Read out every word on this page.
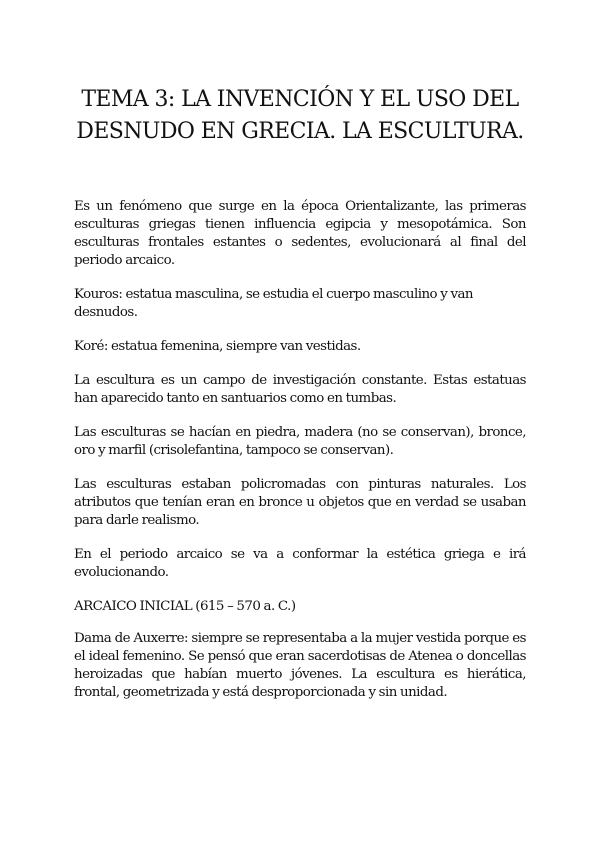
TEMA 3: LA INVENCIÓN Y EL USO DEL
DESNUDO EN GRECIA. LA ESCULTURA.

Es un fenómeno que surge en la época Orientalizante, las primeras esculturas griegas tienen influencia egipcia y mesopotámica. Son esculturas frontales estantes o sedentes, evolucionará al final del periodo arcaico.

Kouros: estatua masculina, se estudia el cuerpo masculino y van desnudos.

Koré: estatua femenina, siempre van vestidas.

La escultura es un campo de investigación constante. Estas estatuas han aparecido tanto en santuarios como en tumbas.

Las esculturas se hacían en piedra, madera (no se conservan), bronce, oro y marfil (crisolefantina, tampoco se conservan).

Las esculturas estaban policromadas con pinturas naturales. Los atributos que tenían eran en bronce u objetos que en verdad se usaban para darle realismo.

En el periodo arcaico se va a conformar la estética griega e irá evolucionando.

ARCAICO INICIAL (615 – 570 a. C.)

Dama de Auxerre: siempre se representaba a la mujer vestida porque es el ideal femenino. Se pensó que eran sacerdotisas de Atenea o doncellas heroizadas que habían muerto jóvenes. La escultura es hierática, frontal, geometrizada y está desproporcionada y sin unidad.
